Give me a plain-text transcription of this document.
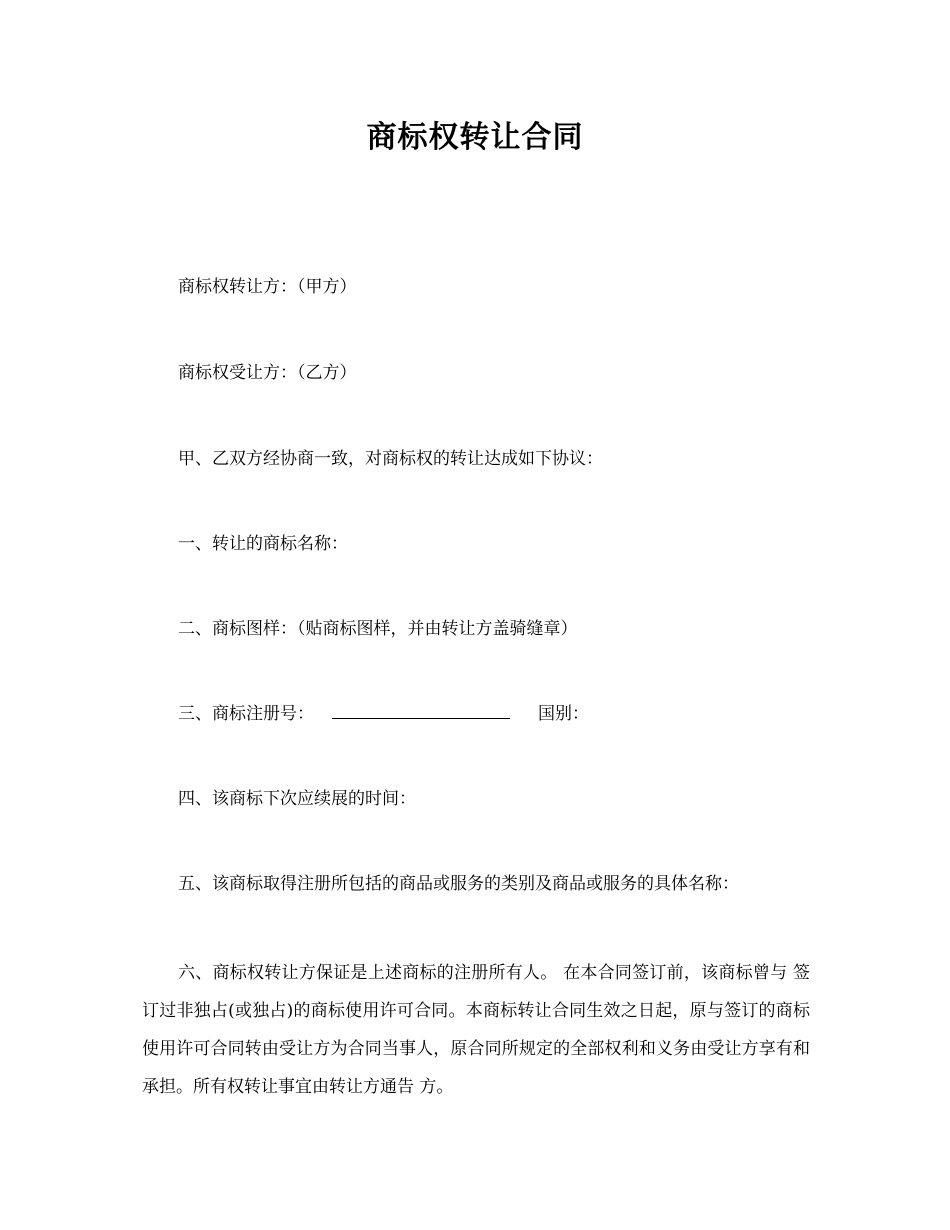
商标权转让合同

商标权转让方：（甲方）

商标权受让方：（乙方）

甲、乙双方经协商一致，对商标权的转让达成如下协议：

一、转让的商标名称：

二、商标图样：（贴商标图样，并由转让方盖骑缝章）

三、商标注册号：	国别：

四、该商标下次应续展的时间：

五、该商标取得注册所包括的商品或服务的类别及商品或服务的具体名称：

六、商标权转让方保证是上述商标的注册所有人。 在本合同签订前，该商标曾与 签订过非独占(或独占)的商标使用许可合同。本商标转让合同生效之日起，原与签订的商标使用许可合同转由受让方为合同当事人，原合同所规定的全部权利和义务由受让方享有和承担。所有权转让事宜由转让方通告 方。
